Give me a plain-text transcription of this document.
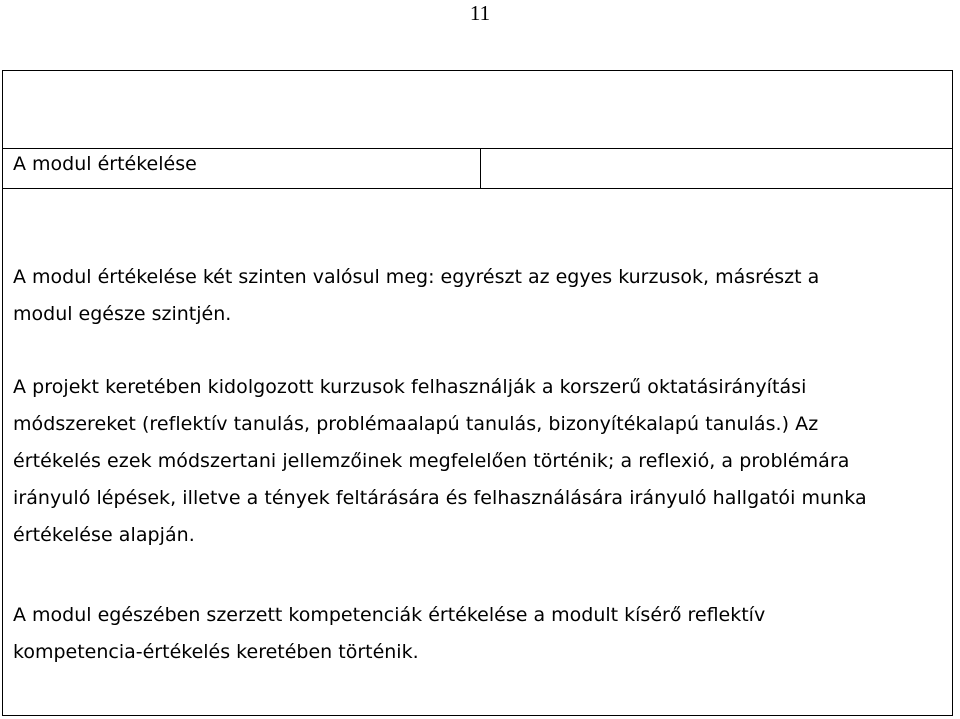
11
A modul értékelése

A modul értékelése két szinten valósul meg: egyrészt az egyes kurzusok, másrészt a
modul egésze szintjén.

A projekt keretében kidolgozott kurzusok felhasználják a korszerű oktatásirányítási
módszereket (reflektív tanulás, problémaalapú tanulás, bizonyítékalapú tanulás.) Az
értékelés ezek módszertani jellemzőinek megfelelően történik; a reflexió, a problémára
irányuló lépések, illetve a tények feltárására és felhasználására irányuló hallgatói munka
értékelése alapján.

A modul egészében szerzett kompetenciák értékelése a modult kísérő reflektív
kompetencia-értékelés keretében történik.
